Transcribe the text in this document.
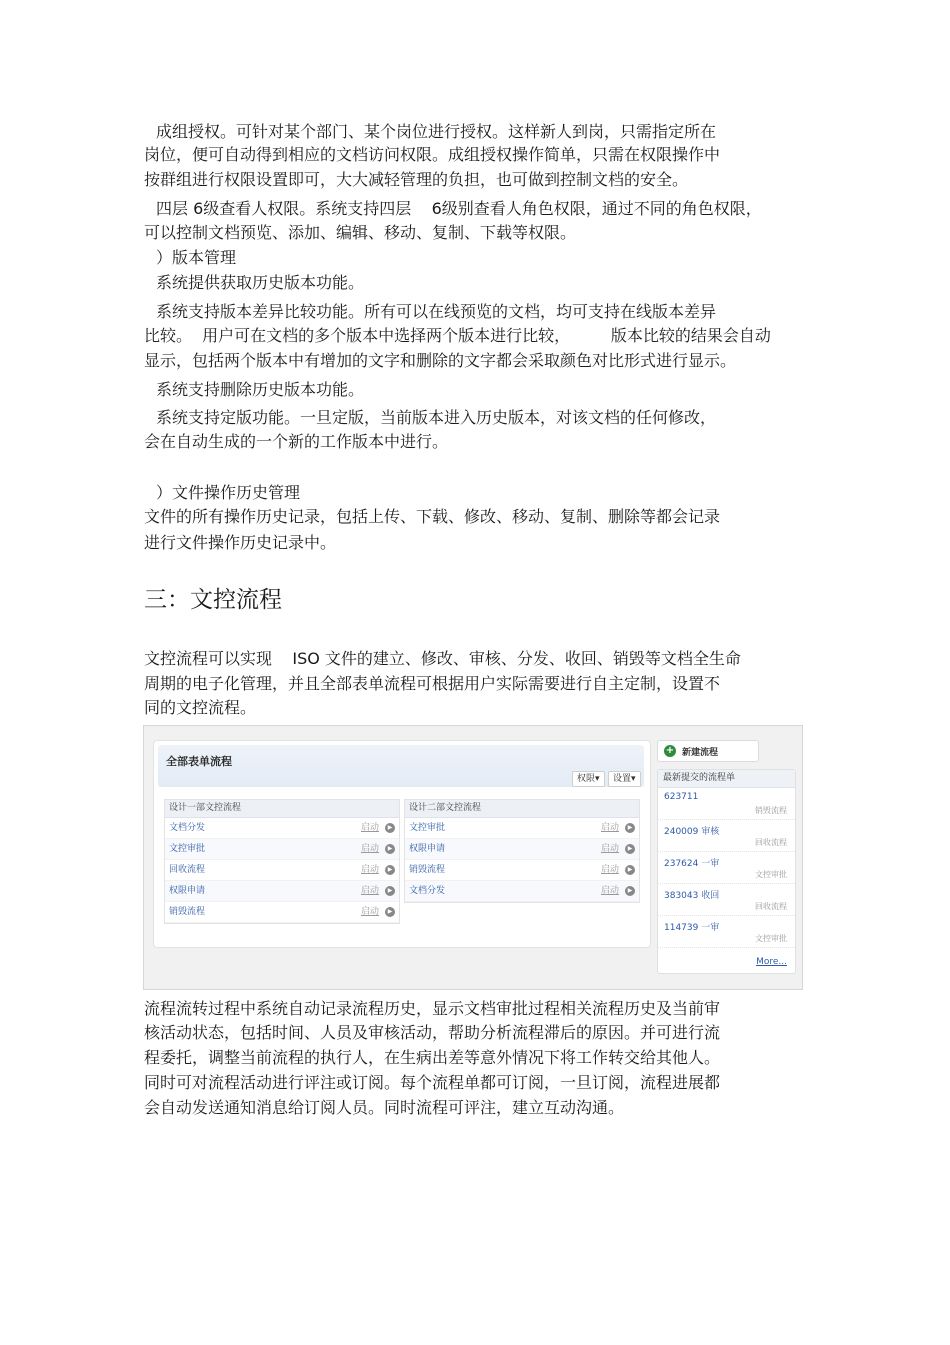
成组授权。可针对某个部门、某个岗位进行授权。这样新人到岗，只需指定所在
岗位，便可自动得到相应的文档访问权限。成组授权操作简单，只需在权限操作中
按群组进行权限设置即可，大大减轻管理的负担，也可做到控制文档的安全。
四层 6级查看人权限。系统支持四层    6级别查看人角色权限，通过不同的角色权限，
可以控制文档预览、添加、编辑、移动、复制、下载等权限。
）版本管理
系统提供获取历史版本功能。
系统支持版本差异比较功能。所有可以在线预览的文档，均可支持在线版本差异
比较。  用户可在文档的多个版本中选择两个版本进行比较，        版本比较的结果会自动
显示，包括两个版本中有增加的文字和删除的文字都会采取颜色对比形式进行显示。
系统支持删除历史版本功能。
系统支持定版功能。一旦定版，当前版本进入历史版本，对该文档的任何修改，
会在自动生成的一个新的工作版本中进行。
）文件操作历史管理
文件的所有操作历史记录，包括上传、下载、修改、移动、复制、删除等都会记录
进行文件操作历史记录中。
三：文控流程
文控流程可以实现    ISO 文件的建立、修改、审核、分发、收回、销毁等文档全生命
周期的电子化管理，并且全部表单流程可根据用户实际需要进行自主定制，设置不
同的文控流程。
全部表单流程
权限▾	设置▾
设计一部文控流程
文档分发	启动	▶
文控审批	启动	▶
回收流程	启动	▶
权限申请	启动	▶
销毁流程	启动	▶
设计二部文控流程
文控审批	启动	▶
权限申请	启动	▶
销毁流程	启动	▶
文档分发	启动	▶
+ 新建流程
最新提交的流程单
623711
销毁流程
240009 审核
回收流程
237624 一审
文控审批
383043 收回
回收流程
114739 一审
文控审批
More...
流程流转过程中系统自动记录流程历史，显示文档审批过程相关流程历史及当前审
核活动状态，包括时间、人员及审核活动，帮助分析流程滞后的原因。并可进行流
程委托，调整当前流程的执行人，在生病出差等意外情况下将工作转交给其他人。
同时可对流程活动进行评注或订阅。每个流程单都可订阅，一旦订阅，流程进展都
会自动发送通知消息给订阅人员。同时流程可评注，建立互动沟通。
